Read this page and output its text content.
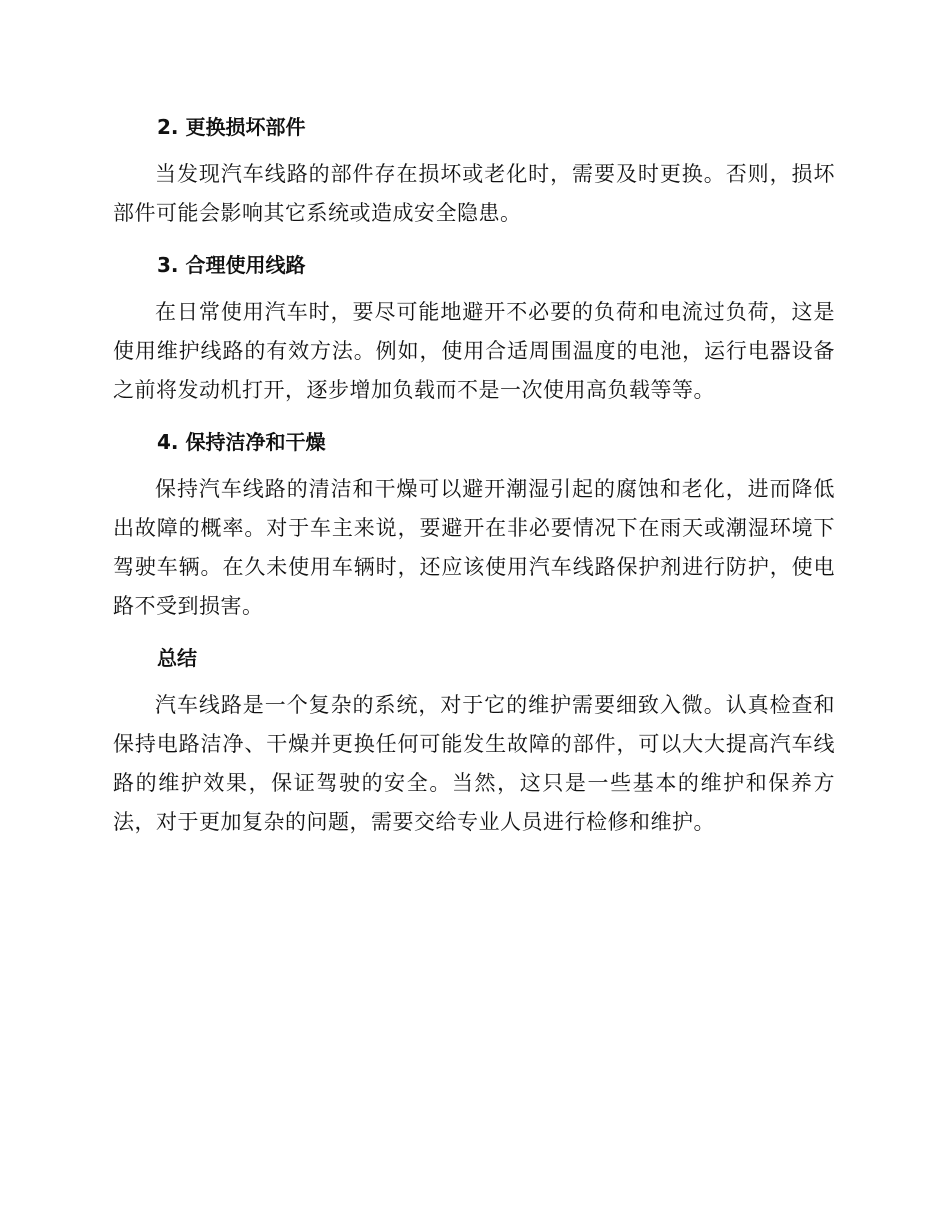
2. 更换损坏部件

当发现汽车线路的部件存在损坏或老化时，需要及时更换。否则，损坏部件可能会影响其它系统或造成安全隐患。

3. 合理使用线路

在日常使用汽车时，要尽可能地避开不必要的负荷和电流过负荷，这是使用维护线路的有效方法。例如，使用合适周围温度的电池，运行电器设备之前将发动机打开，逐步增加负载而不是一次使用高负载等等。

4. 保持洁净和干燥

保持汽车线路的清洁和干燥可以避开潮湿引起的腐蚀和老化，进而降低出故障的概率。对于车主来说，要避开在非必要情况下在雨天或潮湿环境下驾驶车辆。在久未使用车辆时，还应该使用汽车线路保护剂进行防护，使电路不受到损害。

总结

汽车线路是一个复杂的系统，对于它的维护需要细致入微。认真检查和保持电路洁净、干燥并更换任何可能发生故障的部件，可以大大提高汽车线路的维护效果，保证驾驶的安全。当然，这只是一些基本的维护和保养方法，对于更加复杂的问题，需要交给专业人员进行检修和维护。
